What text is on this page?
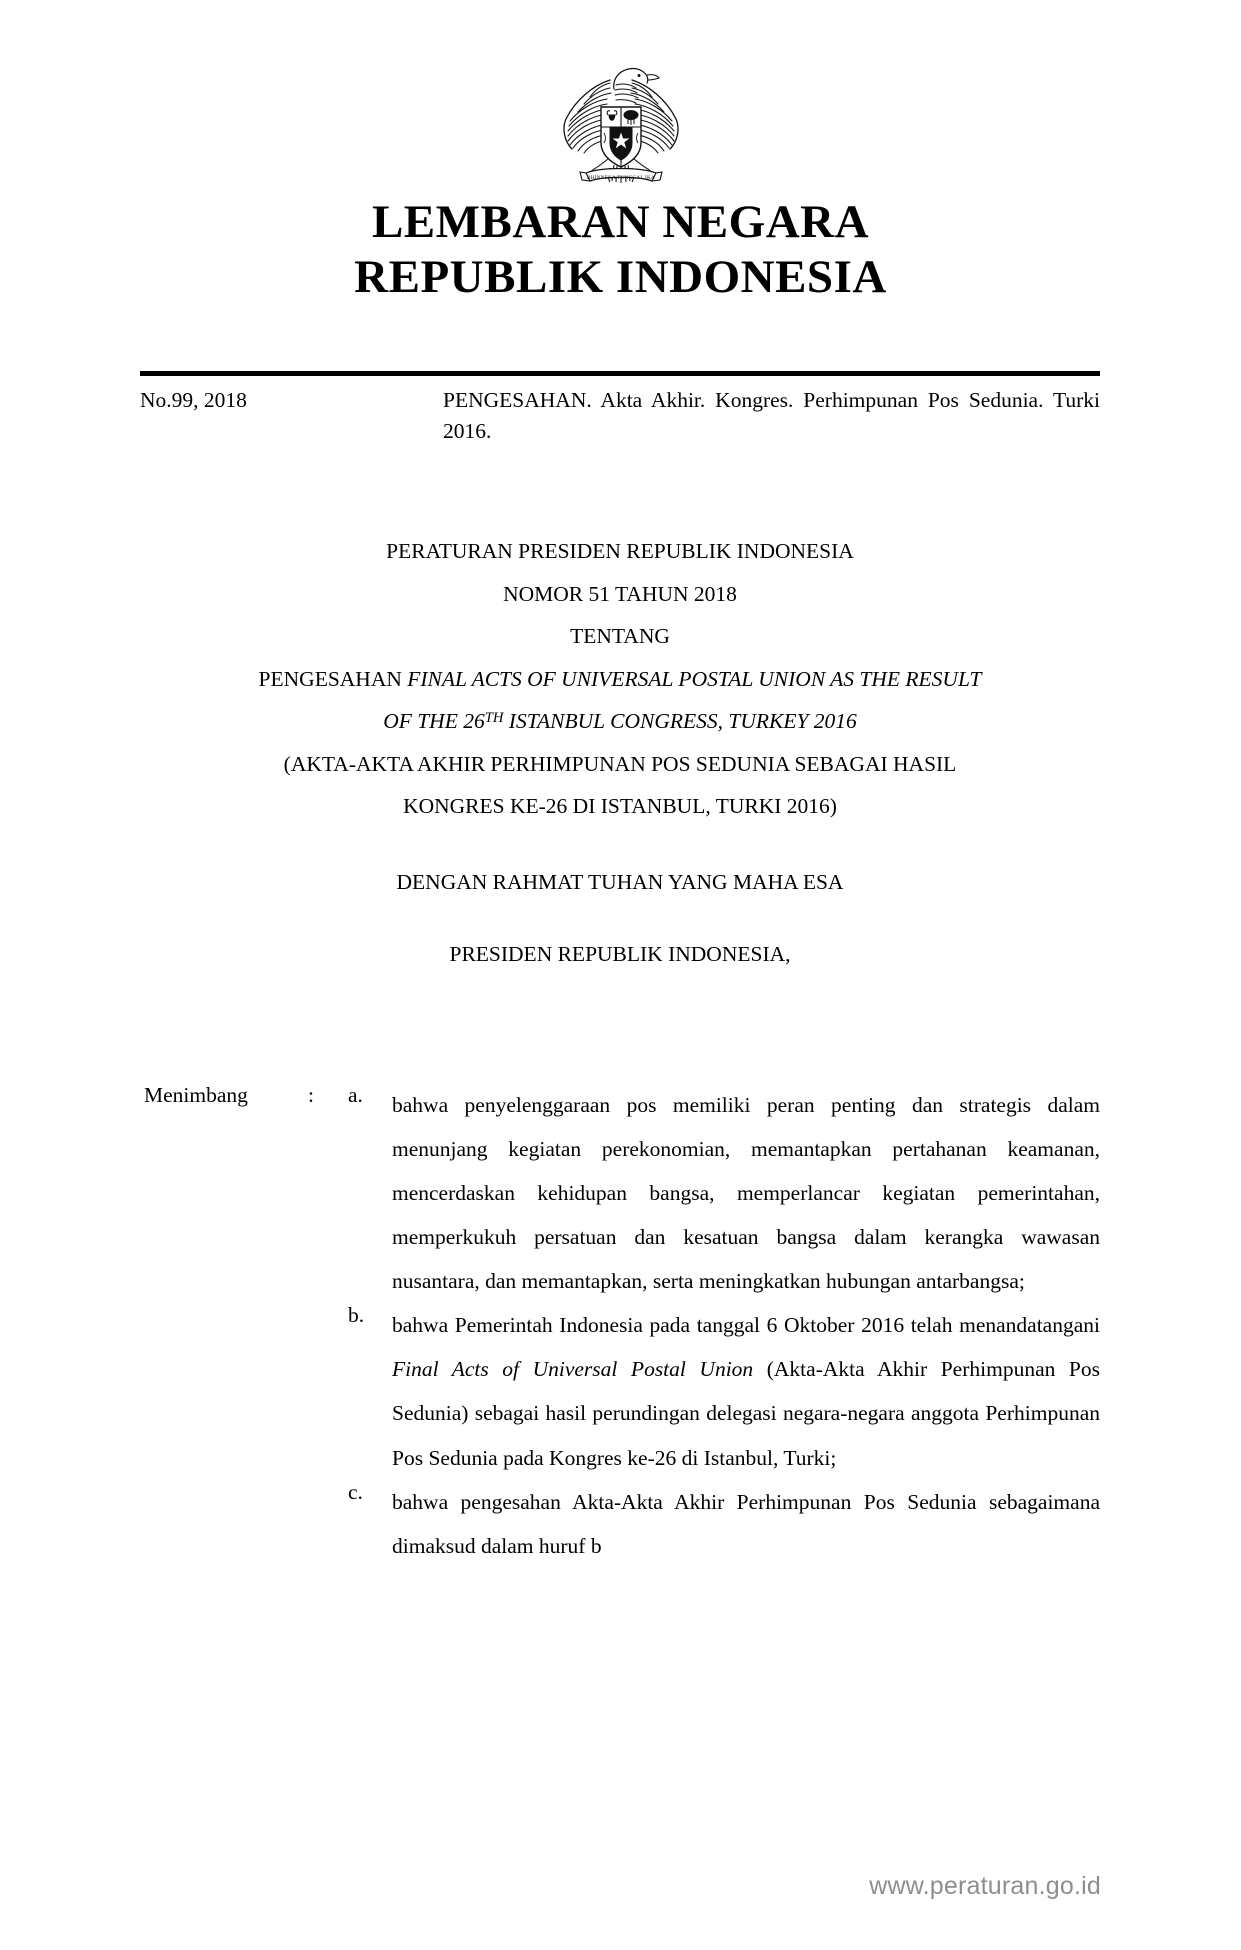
BHINNEKA TUNGGAL IKA
LEMBARAN NEGARA
REPUBLIK INDONESIA
No.99, 2018	PENGESAHAN. Akta Akhir. Kongres. Perhimpunan Pos Sedunia. Turki 2016.
PERATURAN PRESIDEN REPUBLIK INDONESIA
NOMOR 51 TAHUN 2018
TENTANG
PENGESAHAN FINAL ACTS OF UNIVERSAL POSTAL UNION AS THE RESULT
OF THE 26TH ISTANBUL CONGRESS, TURKEY 2016
(AKTA-AKTA AKHIR PERHIMPUNAN POS SEDUNIA SEBAGAI HASIL
KONGRES KE-26 DI ISTANBUL, TURKI 2016)
DENGAN RAHMAT TUHAN YANG MAHA ESA
PRESIDEN REPUBLIK INDONESIA,
Menimbang	:	a.	bahwa penyelenggaraan pos memiliki peran penting dan strategis dalam menunjang kegiatan perekonomian, memantapkan pertahanan keamanan, mencerdaskan kehidupan bangsa, memperlancar kegiatan pemerintahan, memperkukuh persatuan dan kesatuan bangsa dalam kerangka wawasan nusantara, dan memantapkan, serta meningkatkan hubungan antarbangsa;
b.	bahwa Pemerintah Indonesia pada tanggal 6 Oktober 2016 telah menandatangani Final Acts of Universal Postal Union (Akta-Akta Akhir Perhimpunan Pos Sedunia) sebagai hasil perundingan delegasi negara-negara anggota Perhimpunan Pos Sedunia pada Kongres ke-26 di Istanbul, Turki;
c.	bahwa pengesahan Akta-Akta Akhir Perhimpunan Pos Sedunia sebagaimana dimaksud dalam huruf b
www.peraturan.go.id
